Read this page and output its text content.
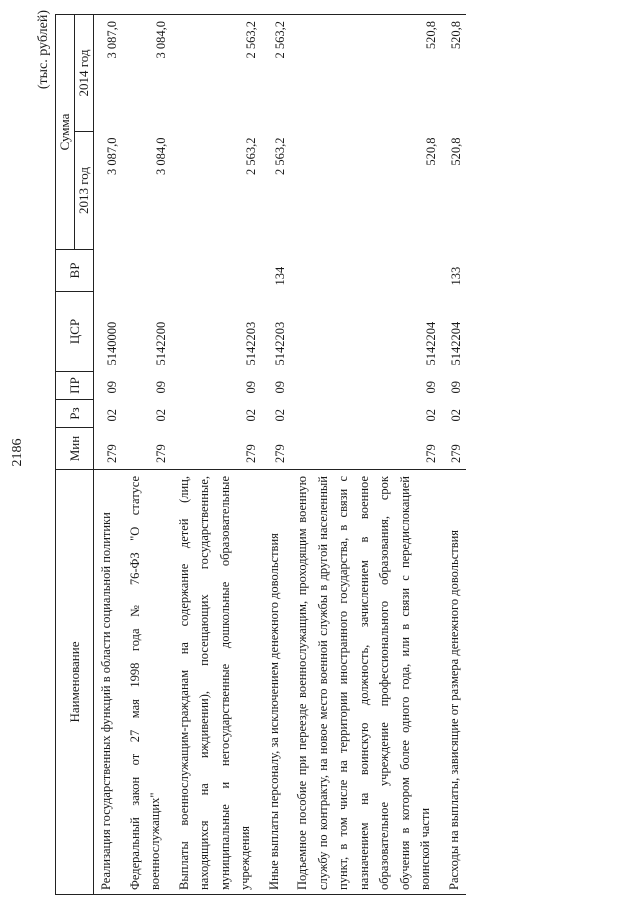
2186
(тыс. рублей)
Наименование	Мин	Рз	ПР	ЦСР	ВР	Сумма	
						2013 год	2014 год
Реализация государственных функций в области социальной политики	279	02	09	5140000		3 087,0	3 087,0
Федеральный закон от 27 мая 1998 года № 76-ФЗ "О статусе военнослужащих"	279	02	09	5142200		3 084,0	3 084,0
Выплаты военнослужащим-гражданам на содержание детей (лиц, находящихся на иждивении), посещающих государственные, муниципальные и негосударственные дошкольные образовательные учреждения	279	02	09	5142203		2 563,2	2 563,2
Иные выплаты персоналу, за исключением денежного довольствия	279	02	09	5142203	134	2 563,2	2 563,2
Подъемное пособие при переезде военнослужащим, проходящим военную службу по контракту, на новое место военной службы в другой населенный пункт, в том числе на территории иностранного государства, в связи с назначением на воинскую должность, зачислением в военное образовательное учреждение профессионального образования, срок обучения в котором более одного года, или в связи с передислокацией воинской части	279	02	09	5142204		520,8	520,8
Расходы на выплаты, зависящие от размера денежного довольствия	279	02	09	5142204	133	520,8	520,8
